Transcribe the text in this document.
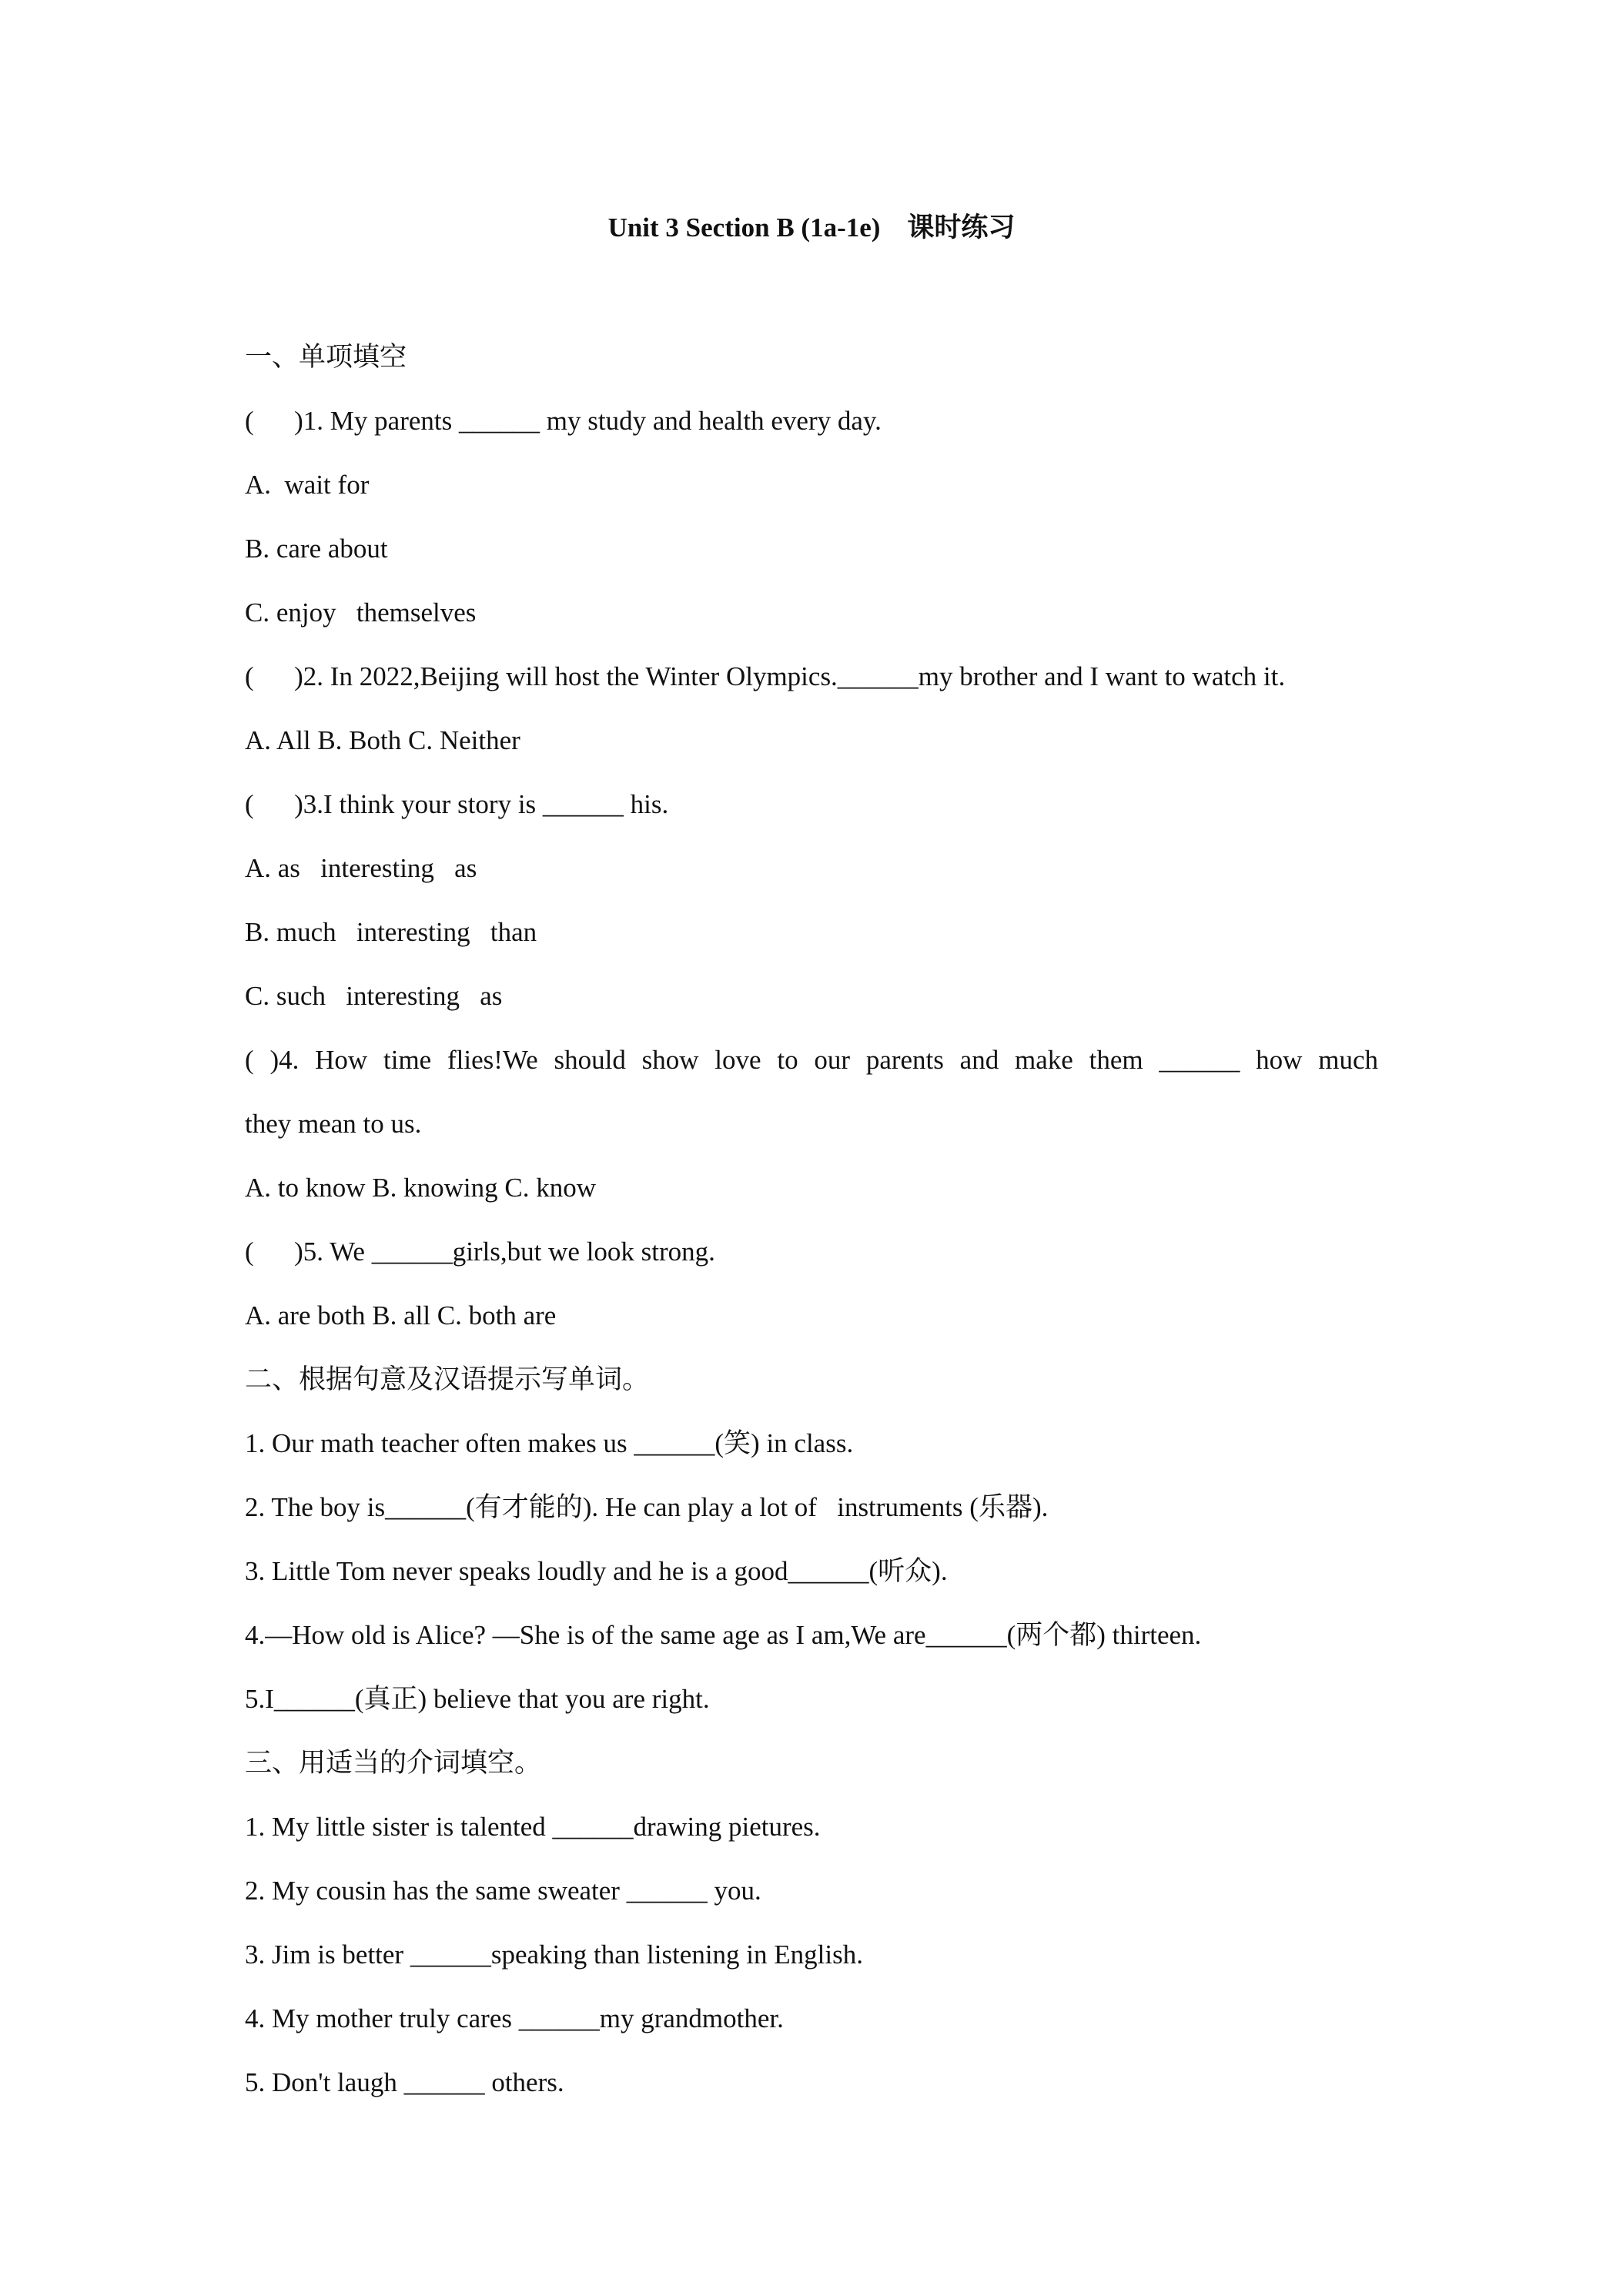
Unit 3 Section B (1a-1e)    课时练习
一、单项填空
(      )1. My parents ______ my study and health every day.
A.  wait for
B. care about
C. enjoy   themselves
(      )2. In 2022,Beijing will host the Winter Olympics.______my brother and I want to watch it.
A. All B. Both C. Neither
(      )3.I think your story is ______ his.
A. as   interesting   as
B. much   interesting   than
C. such   interesting   as
( )4. How time flies!We should show love to our parents and make them ______ how much
they mean to us.
A. to know B. knowing C. know
(      )5. We ______girls,but we look strong.
A. are both B. all C. both are
二、根据句意及汉语提示写单词。
1. Our math teacher often makes us ______(笑) in class.
2. The boy is______(有才能的). He can play a lot of   instruments (乐器).
3. Little Tom never speaks loudly and he is a good______(听众).
4.—How old is Alice? —She is of the same age as I am,We are______(两个都) thirteen.
5.I______(真正) believe that you are right.
三、用适当的介词填空。
1. My little sister is talented ______drawing pietures.
2. My cousin has the same sweater ______ you.
3. Jim is better ______speaking than listening in English.
4. My mother truly cares ______my grandmother.
5. Don't laugh ______ others.
